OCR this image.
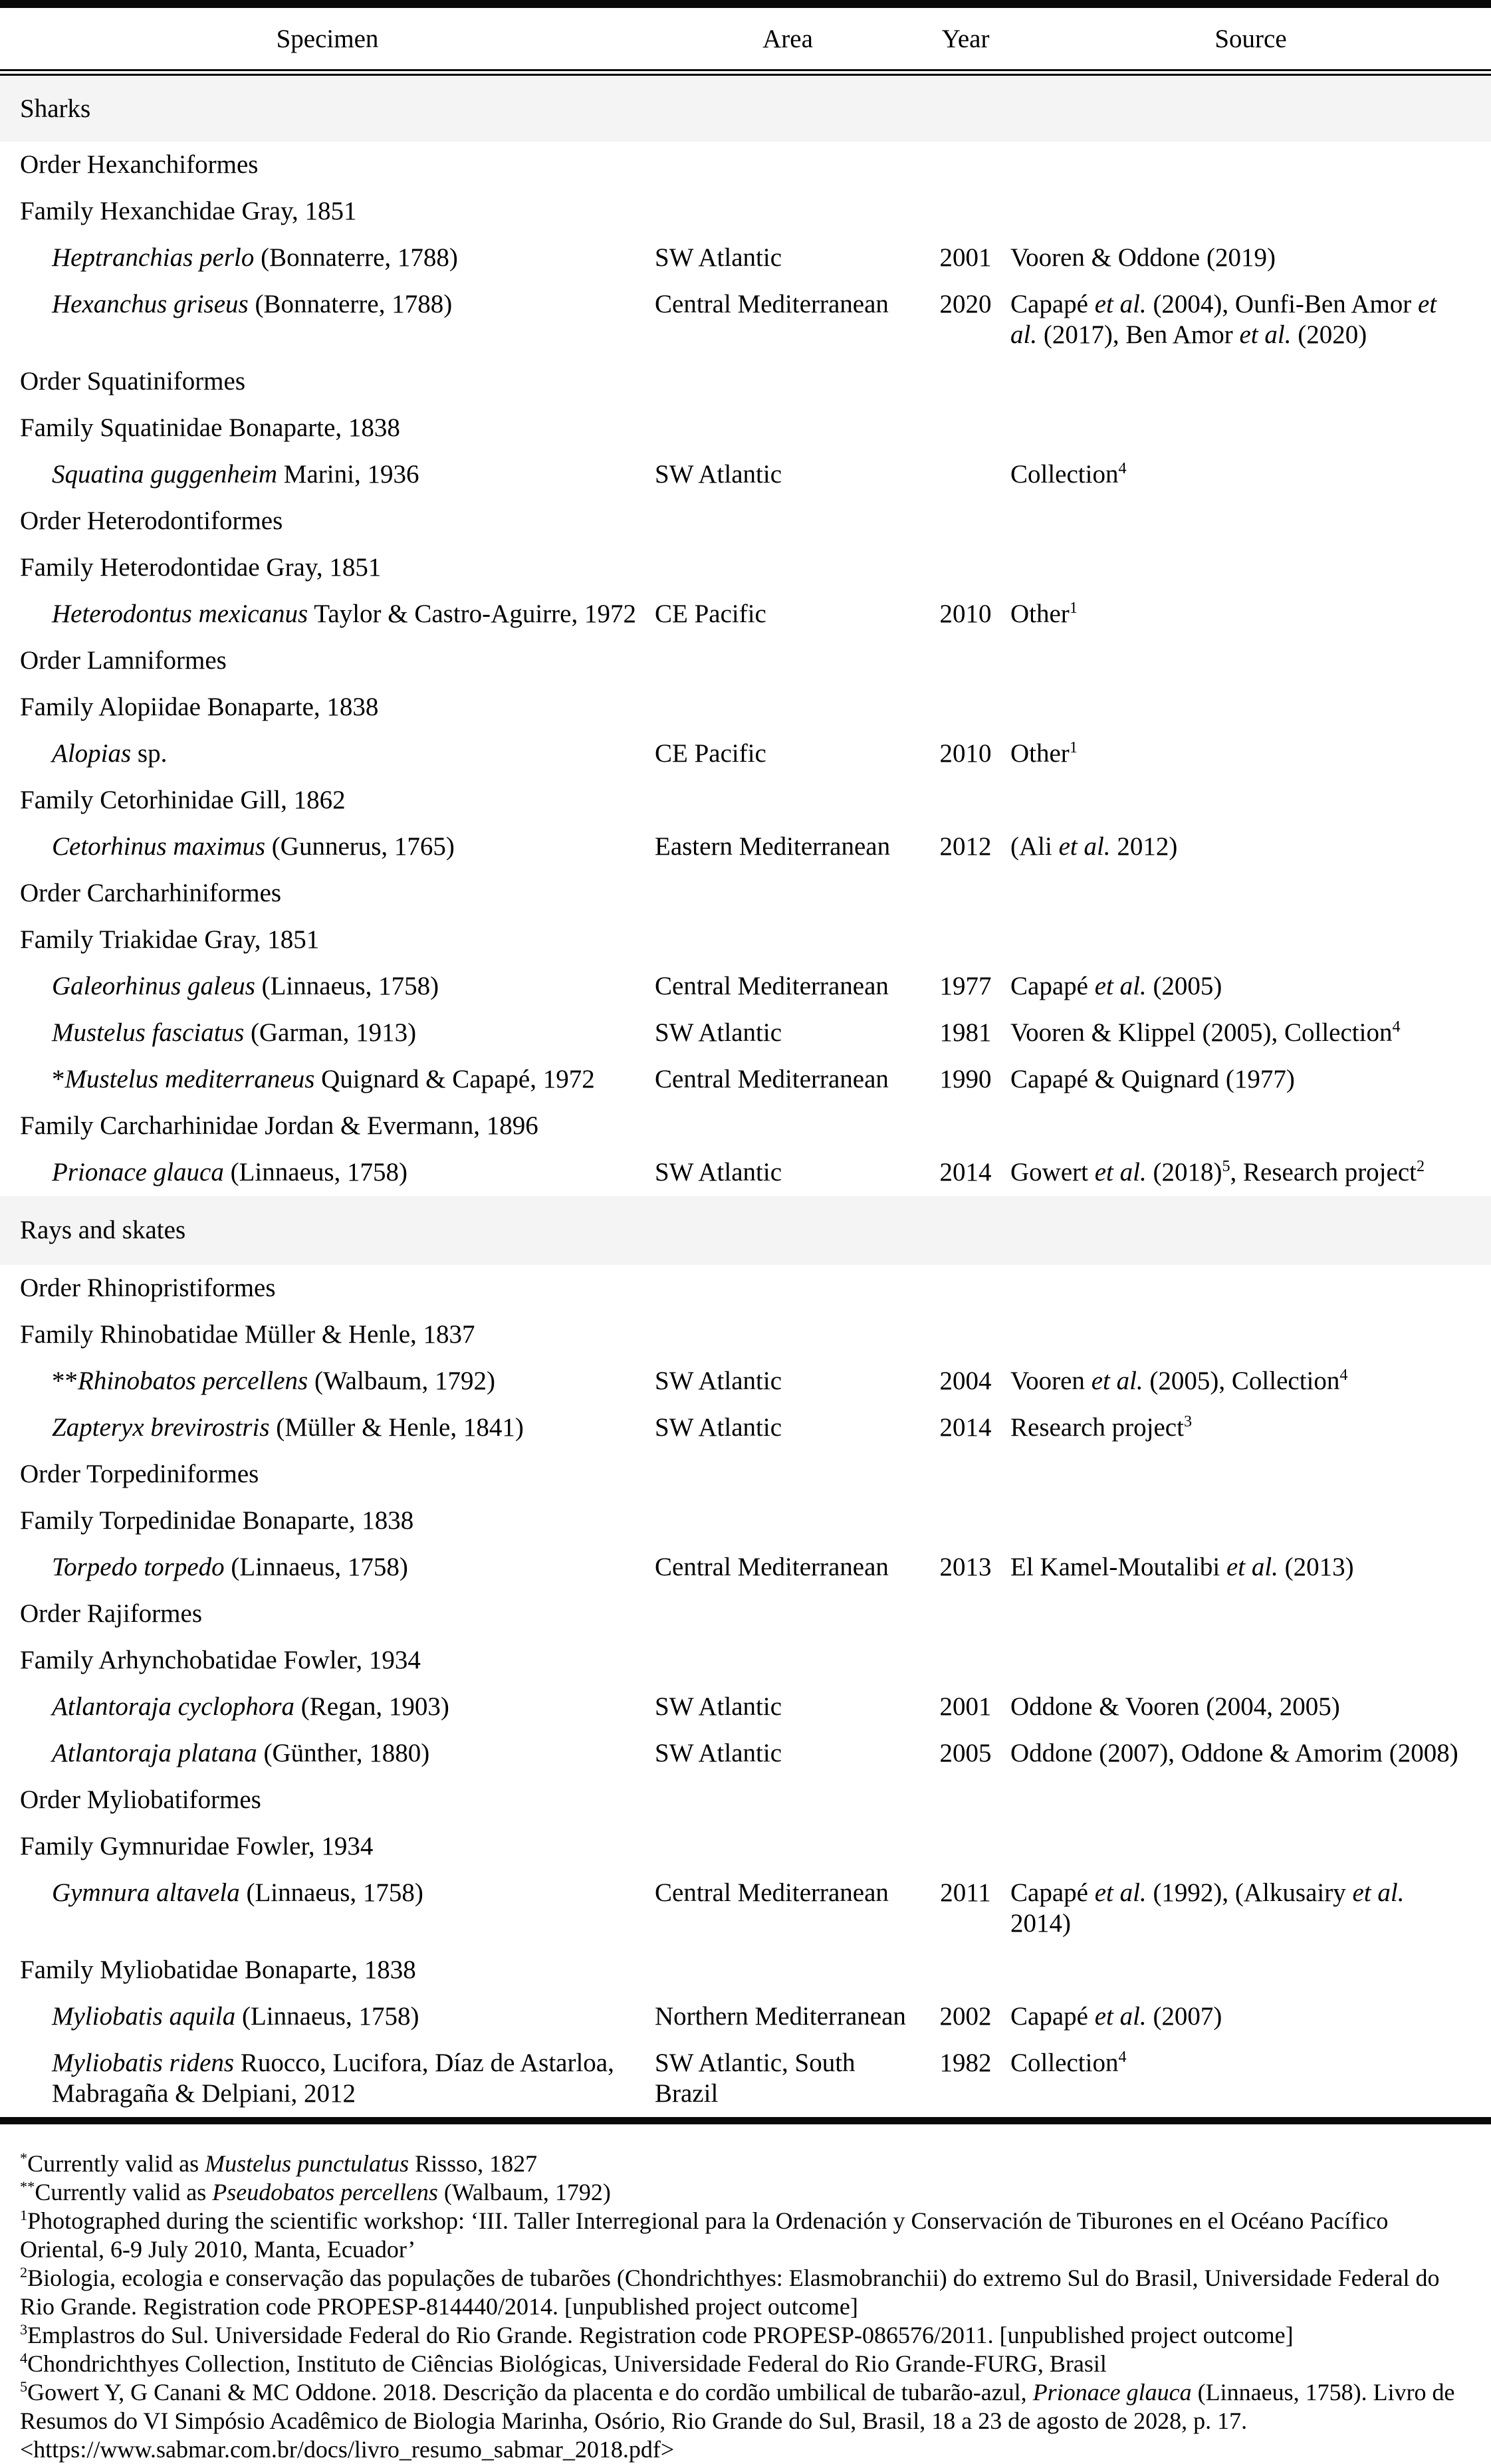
Specimen	Area	Year	Source
Sharks			
Order Hexanchiformes			
Family Hexanchidae Gray, 1851			
Heptranchias perlo (Bonnaterre, 1788)	SW Atlantic	2001	Vooren & Oddone (2019)
Hexanchus griseus (Bonnaterre, 1788)	Central Mediterranean	2020	Capapé et al. (2004), Ounfi-Ben Amor et al. (2017), Ben Amor et al. (2020)
Order Squatiniformes			
Family Squatinidae Bonaparte, 1838			
Squatina guggenheim Marini, 1936	SW Atlantic		Collection$^4$
Order Heterodontiformes			
Family Heterodontidae Gray, 1851			
Heterodontus mexicanus Taylor & Castro-Aguirre, 1972	CE Pacific	2010	Other$^1$
Order Lamniformes			
Family Alopiidae Bonaparte, 1838			
Alopias sp.	CE Pacific	2010	Other$^1$
Family Cetorhinidae Gill, 1862			
Cetorhinus maximus (Gunnerus, 1765)	Eastern Mediterranean	2012	(Ali et al. 2012)
Order Carcharhiniformes			
Family Triakidae Gray, 1851			
Galeorhinus galeus (Linnaeus, 1758)	Central Mediterranean	1977	Capapé et al. (2005)
Mustelus fasciatus (Garman, 1913)	SW Atlantic	1981	Vooren & Klippel (2005), Collection$^4$
*Mustelus mediterraneus Quignard & Capapé, 1972	Central Mediterranean	1990	Capapé & Quignard (1977)
Family Carcharhinidae Jordan & Evermann, 1896			
Prionace glauca (Linnaeus, 1758)	SW Atlantic	2014	Gowert et al. $(2018)^5$, Research project$^2$
Rays and skates			
Order Rhinopristiformes			
Family Rhinobatidae Müller & Henle, 1837			
**Rhinobatos percellens (Walbaum, 1792)	SW Atlantic	2004	Vooren et al. (2005), Collection$^4$
Zapteryx brevirostris (Müller & Henle, 1841)	SW Atlantic	2014	Research project$^3$
Order Torpediniformes			
Family Torpedinidae Bonaparte, 1838			
Torpedo torpedo (Linnaeus, 1758)	Central Mediterranean	2013	El Kamel-Moutalibi et al. (2013)
Order Rajiformes			
Family Arhynchobatidae Fowler, 1934			
Atlantoraja cyclophora (Regan, 1903)	SW Atlantic	2001	Oddone & Vooren (2004, 2005)
Atlantoraja platana (Günther, 1880)	SW Atlantic	2005	Oddone (2007), Oddone & Amorim (2008)
Order Myliobatiformes			
Family Gymnuridae Fowler, 1934			
Gymnura altavela (Linnaeus, 1758)	Central Mediterranean	2011	Capapé et al. (1992), (Alkusairy et al. 2014)
Family Myliobatidae Bonaparte, 1838			
Myliobatis aquila (Linnaeus, 1758)	Northern Mediterranean	2002	Capapé et al. (2007)
Myliobatis ridens Ruocco, Lucifora, Díaz de Astarloa, Mabragaña & Delpiani, 2012	SW Atlantic, South Brazil	1982	Collection$^4$

*Currently valid as Mustelus punctulatus Rissso, 1827

**Currently valid as Pseudobatos percellens (Walbaum, 1792)

$^1$Photographed during the scientific workshop: ‘III. Taller Interregional para la Ordenación y Conservación de Tiburones en el Océano Pacífico Oriental, 6-9 July 2010, Manta, Ecuador’

$^2$Biologia, ecologia e conservação das populações de tubarões (Chondrichthyes: Elasmobranchii) do extremo Sul do Brasil, Universidade Federal do Rio Grande. Registration code PROPESP-814440/2014. [unpublished project outcome]

$^3$Emplastros do Sul. Universidade Federal do Rio Grande. Registration code PROPESP-086576/2011. [unpublished project outcome]

$^4$Chondrichthyes Collection, Instituto de Ciências Biológicas, Universidade Federal do Rio Grande-FURG, Brasil

$^5$Gowert Y, G Canani & MC Oddone. 2018. Descrição da placenta e do cordão umbilical de tubarão-azul, Prionace glauca (Linnaeus, 1758). Livro de Resumos do VI Simpósio Acadêmico de Biologia Marinha, Osório, Rio Grande do Sul, Brasil, 18 a 23 de agosto de 2028, p. 17. <https://www.sabmar.com.br/docs/livro_resumo_sabmar_2018.pdf>
